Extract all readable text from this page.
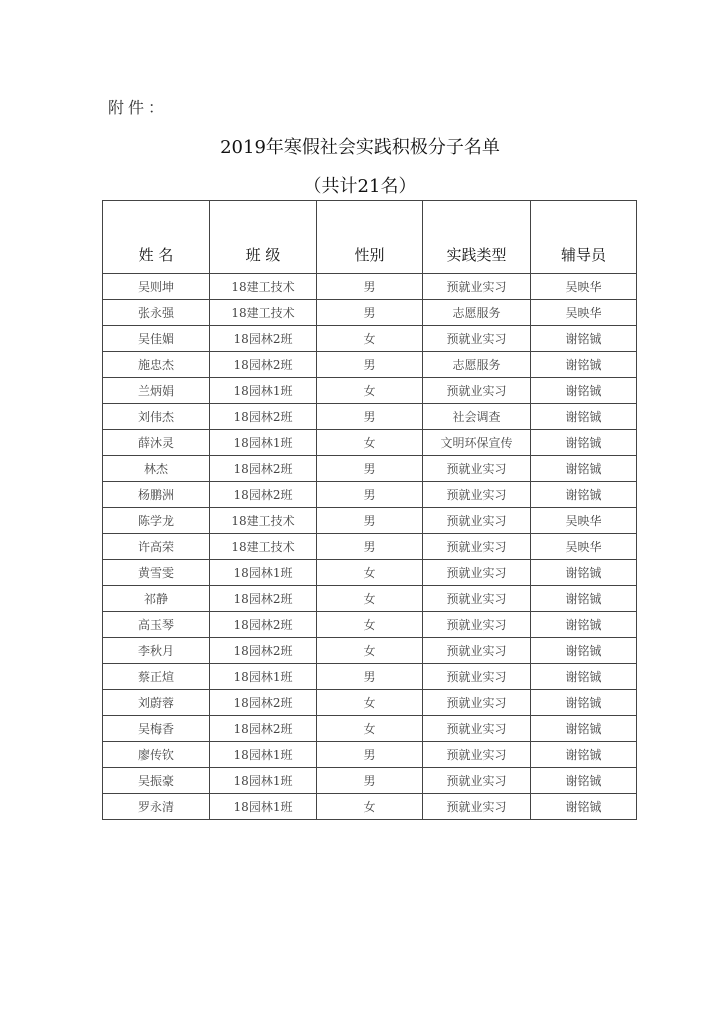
附件：
2019年寒假社会实践积极分子名单
（共计21名）
姓 名	班 级	性别	实践类型	辅导员
吴则坤	18建工技术	男	预就业实习	吴映华
张永强	18建工技术	男	志愿服务	吴映华
吴佳媚	18园林2班	女	预就业实习	谢铭铖
施忠杰	18园林2班	男	志愿服务	谢铭铖
兰炳娟	18园林1班	女	预就业实习	谢铭铖
刘伟杰	18园林2班	男	社会调查	谢铭铖
薛沐灵	18园林1班	女	文明环保宣传	谢铭铖
林杰	18园林2班	男	预就业实习	谢铭铖
杨鹏洲	18园林2班	男	预就业实习	谢铭铖
陈学龙	18建工技术	男	预就业实习	吴映华
许高荣	18建工技术	男	预就业实习	吴映华
黄雪雯	18园林1班	女	预就业实习	谢铭铖
祁静	18园林2班	女	预就业实习	谢铭铖
高玉琴	18园林2班	女	预就业实习	谢铭铖
李秋月	18园林2班	女	预就业实习	谢铭铖
蔡正煊	18园林1班	男	预就业实习	谢铭铖
刘蔚蓉	18园林2班	女	预就业实习	谢铭铖
吴梅香	18园林2班	女	预就业实习	谢铭铖
廖传钦	18园林1班	男	预就业实习	谢铭铖
吴振豪	18园林1班	男	预就业实习	谢铭铖
罗永清	18园林1班	女	预就业实习	谢铭铖
